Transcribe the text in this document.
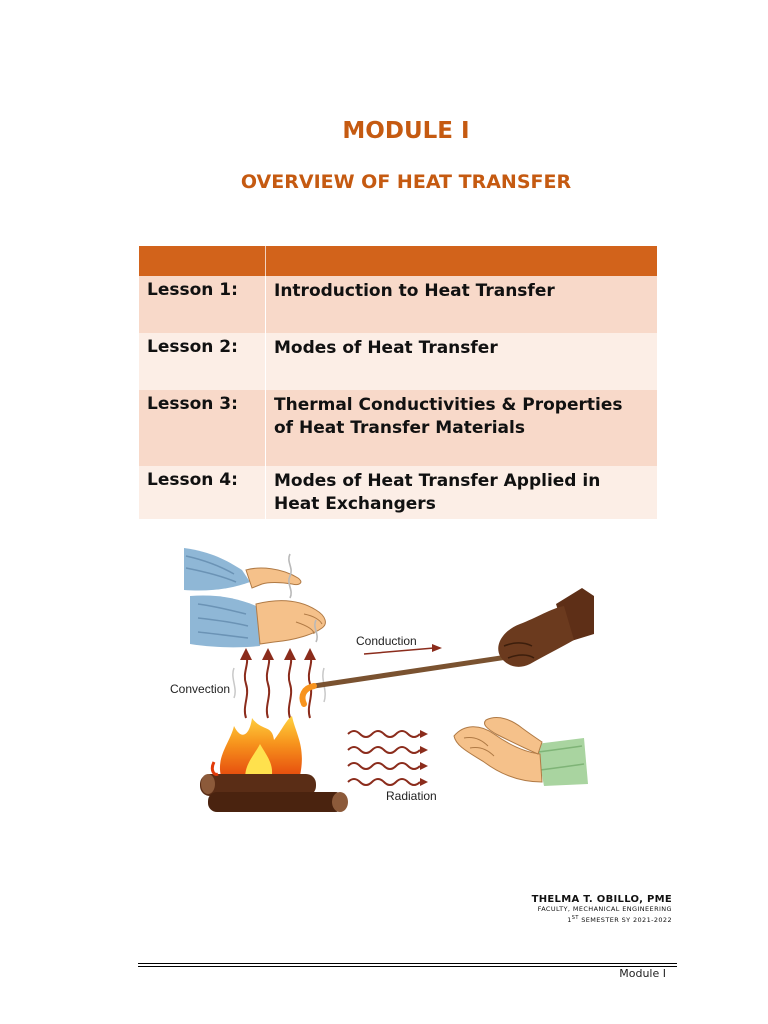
MODULE I
OVERVIEW OF HEAT TRANSFER

Lesson 1:	Introduction to Heat Transfer
Lesson 2:	Modes of Heat Transfer
Lesson 3:	Thermal Conductivities & Properties
of Heat Transfer Materials
Lesson 4:	Modes of Heat Transfer Applied in
Heat Exchangers
Convection
Conduction
Radiation
THELMA T. OBILLO, PME
FACULTY, MECHANICAL ENGINEERING
1ST SEMESTER SY 2021-2022
Module I
